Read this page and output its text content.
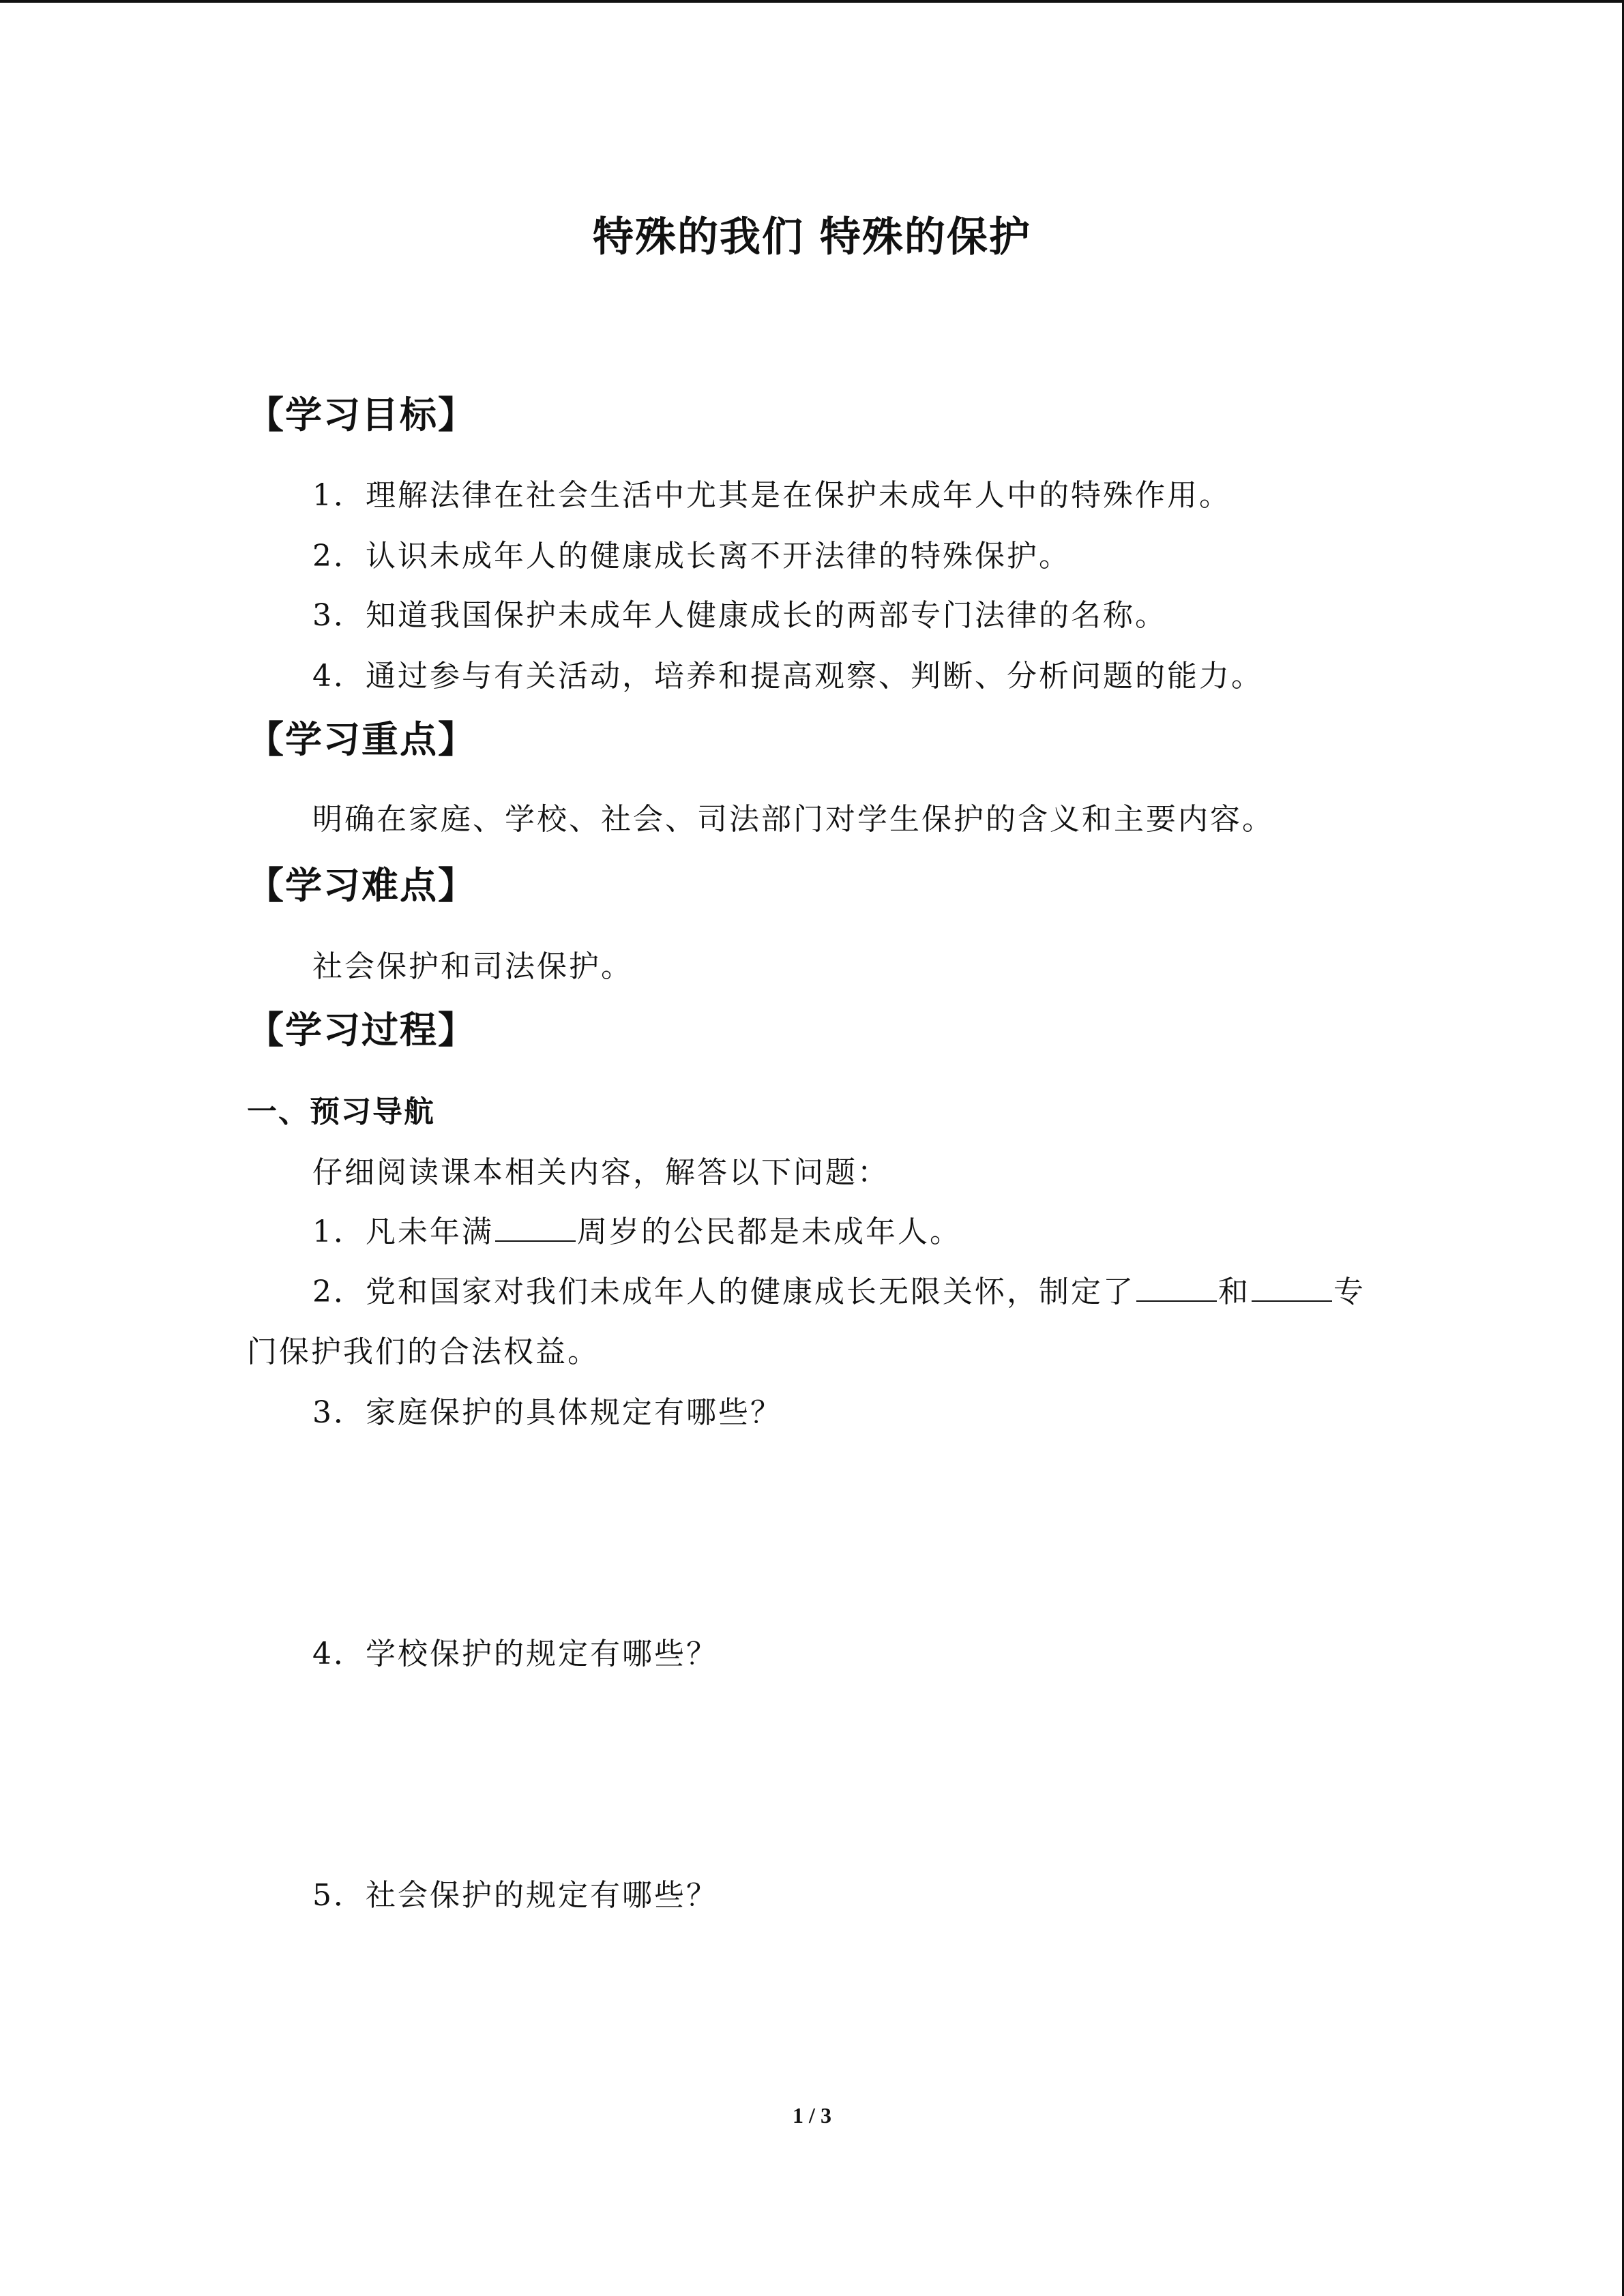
特殊的我们 特殊的保护
【学习目标】
1．理解法律在社会生活中尤其是在保护未成年人中的特殊作用。
2．认识未成年人的健康成长离不开法律的特殊保护。
3．知道我国保护未成年人健康成长的两部专门法律的名称。
4．通过参与有关活动，培养和提高观察、判断、分析问题的能力。
【学习重点】
明确在家庭、学校、社会、司法部门对学生保护的含义和主要内容。
【学习难点】
社会保护和司法保护。
【学习过程】
一、预习导航
仔细阅读课本相关内容，解答以下问题：
1．凡未年满	周岁的公民都是未成年人。
2．党和国家对我们未成年人的健康成长无限关怀，制定了	和	专
门保护我们的合法权益。
3．家庭保护的具体规定有哪些？
4．学校保护的规定有哪些？
5．社会保护的规定有哪些？
1 / 3
